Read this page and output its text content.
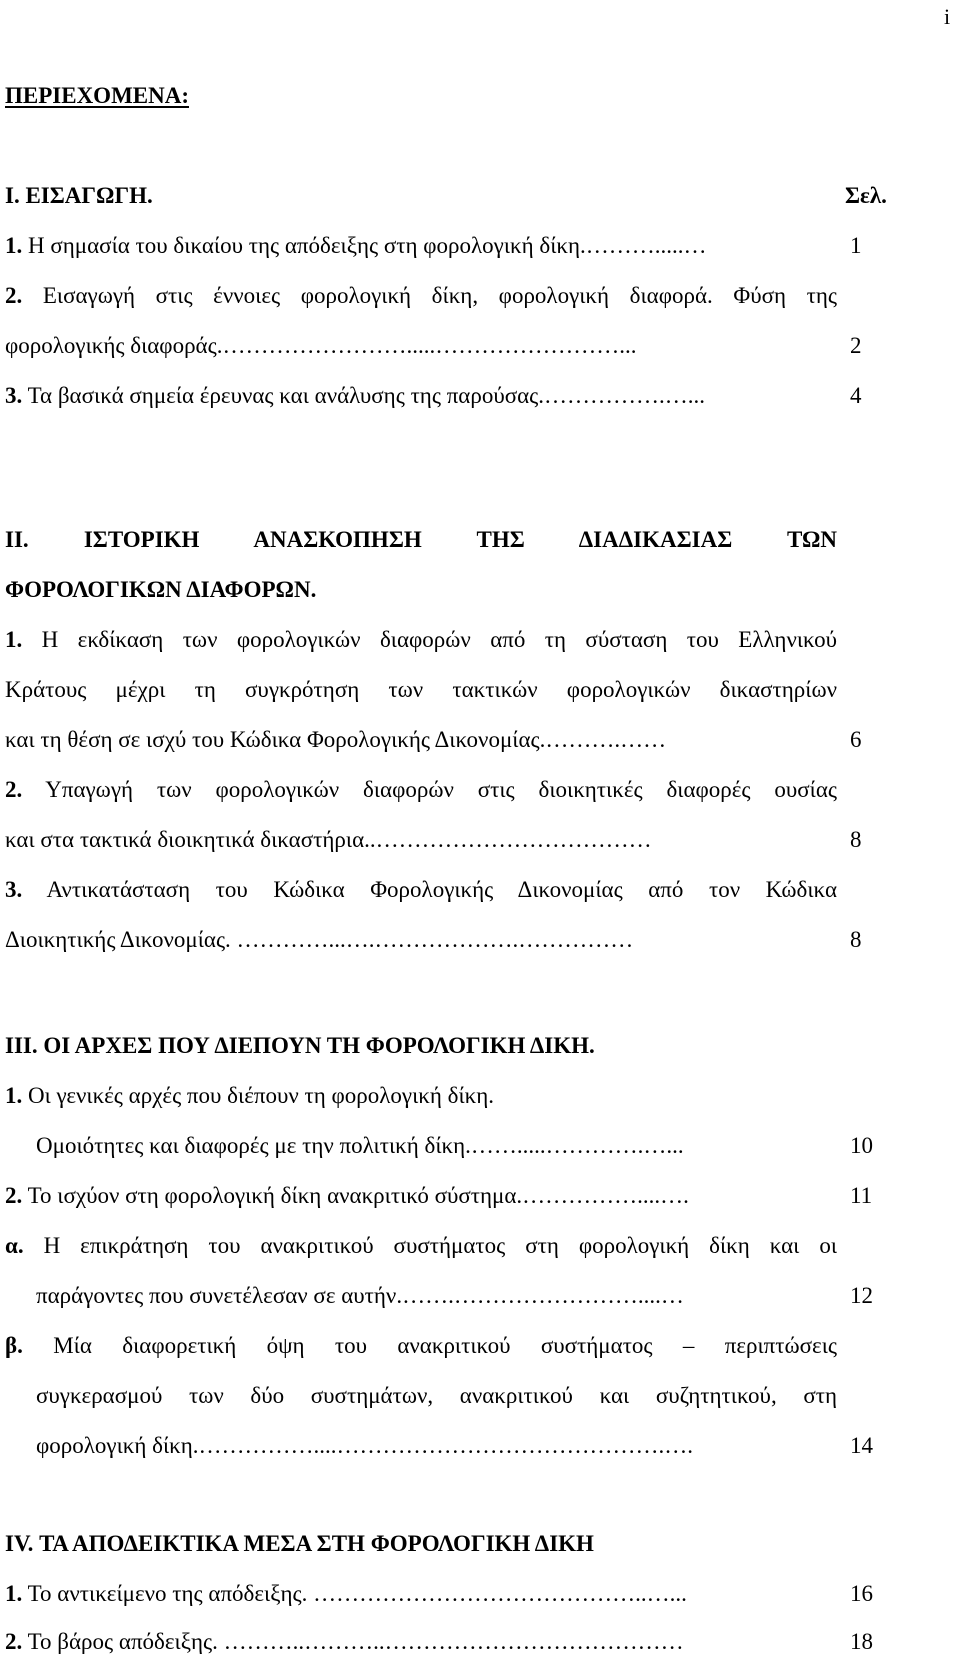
i
ΠΕΡΙΕΧΟΜΕΝΑ:
Ι. ΕΙΣΑΓΩΓΗ.	Σελ.
1. Η σημασία του δικαίου της απόδειξης στη φορολογική δίκη.……….....…	1
2. Εισαγωγή στις έννοιες φορολογική δίκη, φορολογική διαφορά. Φύση της
φορολογικής διαφοράς.…………………….....……………………...	2
3. Τα βασικά σημεία έρευνας και ανάλυσης της παρούσας.…………….…...	4
ΙΙ.   ΙΣΤΟΡΙΚΗ   ΑΝΑΣΚΟΠΗΣΗ   ΤΗΣ   ΔΙΑΔΙΚΑΣΙΑΣ   ΤΩΝ
ΦΟΡΟΛΟΓΙΚΩΝ ΔΙΑΦΟΡΩΝ.
1. Η εκδίκαση των φορολογικών διαφορών από τη σύσταση του Ελληνικού
Κράτους μέχρι τη συγκρότηση των τακτικών φορολογικών δικαστηρίων
και τη θέση σε ισχύ του Κώδικα Φορολογικής Δικονομίας.……….……	6
2. Υπαγωγή των φορολογικών διαφορών στις διοικητικές διαφορές ουσίας
και στα τακτικά διοικητικά δικαστήρια..………………………………	8
3. Αντικατάσταση του Κώδικα Φορολογικής Δικονομίας από τον Κώδικα
Διοικητικής Δικονομίας. …………...….……………….……………	8
ΙΙΙ. ΟΙ ΑΡΧΕΣ ΠΟΥ ΔΙΕΠΟΥΝ ΤΗ ΦΟΡΟΛΟΓΙΚΗ ΔΙΚΗ.
1. Οι γενικές αρχές που διέπουν τη φορολογική δίκη.
Ομοιότητες και διαφορές με την πολιτική δίκη.…….....………….…...	10
2. Το ισχύον στη φορολογική δίκη ανακριτικό σύστημα.……………....….	11
α. Η επικράτηση του ανακριτικού συστήματος στη φορολογική δίκη και οι
παράγοντες που συνετέλεσαν σε αυτήν.…….……………………....…	12
β. Μία διαφορετική όψη του ανακριτικού συστήματος – περιπτώσεις
συγκερασμού των δύο συστημάτων, ανακριτικού και συζητητικού, στη
φορολογική δίκη.……………....…………………………………….….	14
IV. ΤΑ ΑΠΟΔΕΙΚΤΙΚΑ ΜΕΣΑ ΣΤΗ ΦΟΡΟΛΟΓΙΚΗ ΔΙΚΗ
1. Το αντικείμενο της απόδειξης. ……………………………………..…...	16
2. Το βάρος απόδειξης. ………..………..…………………………………	18
